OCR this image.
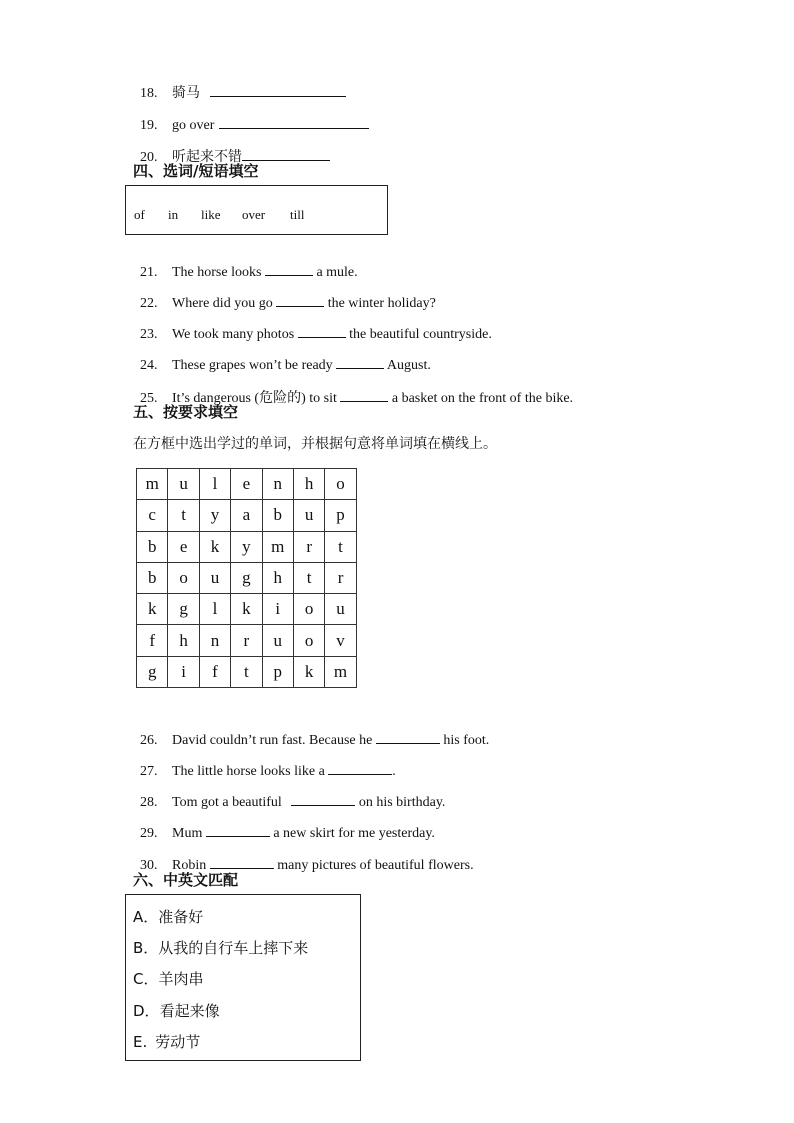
18. 骑马

19. go over

20. 听起来不错

四、选词/短语填空
of in like over till

21. The horse looks	a mule.

22. Where did you go	the winter holiday?

23. We took many photos	the beautiful countryside.

24. These grapes won’t be ready	August.

25. It’s dangerous (危险的) to sit	a basket on the front of the bike.

五、按要求填空
在方框中选出学过的单词，并根据句意将单词填在横线上。
m	u	l	e	n	h	o
c	t	y	a	b	u	p
b	e	k	y	m	r	t
b	o	u	g	h	t	r
k	g	l	k	i	o	u
f	h	n	r	u	o	v
g	i	f	t	p	k	m

26. David couldn’t run fast. Because he	his foot.

27. The little horse looks like a	.

28. Tom got a beautiful	on his birthday.

29. Mum	a new skirt for me yesterday.

30. Robin	many pictures of beautiful flowers.

六、中英文匹配
A．准备好
B．从我的自行车上摔下来
C．羊肉串
D．看起来像
E. 劳动节
